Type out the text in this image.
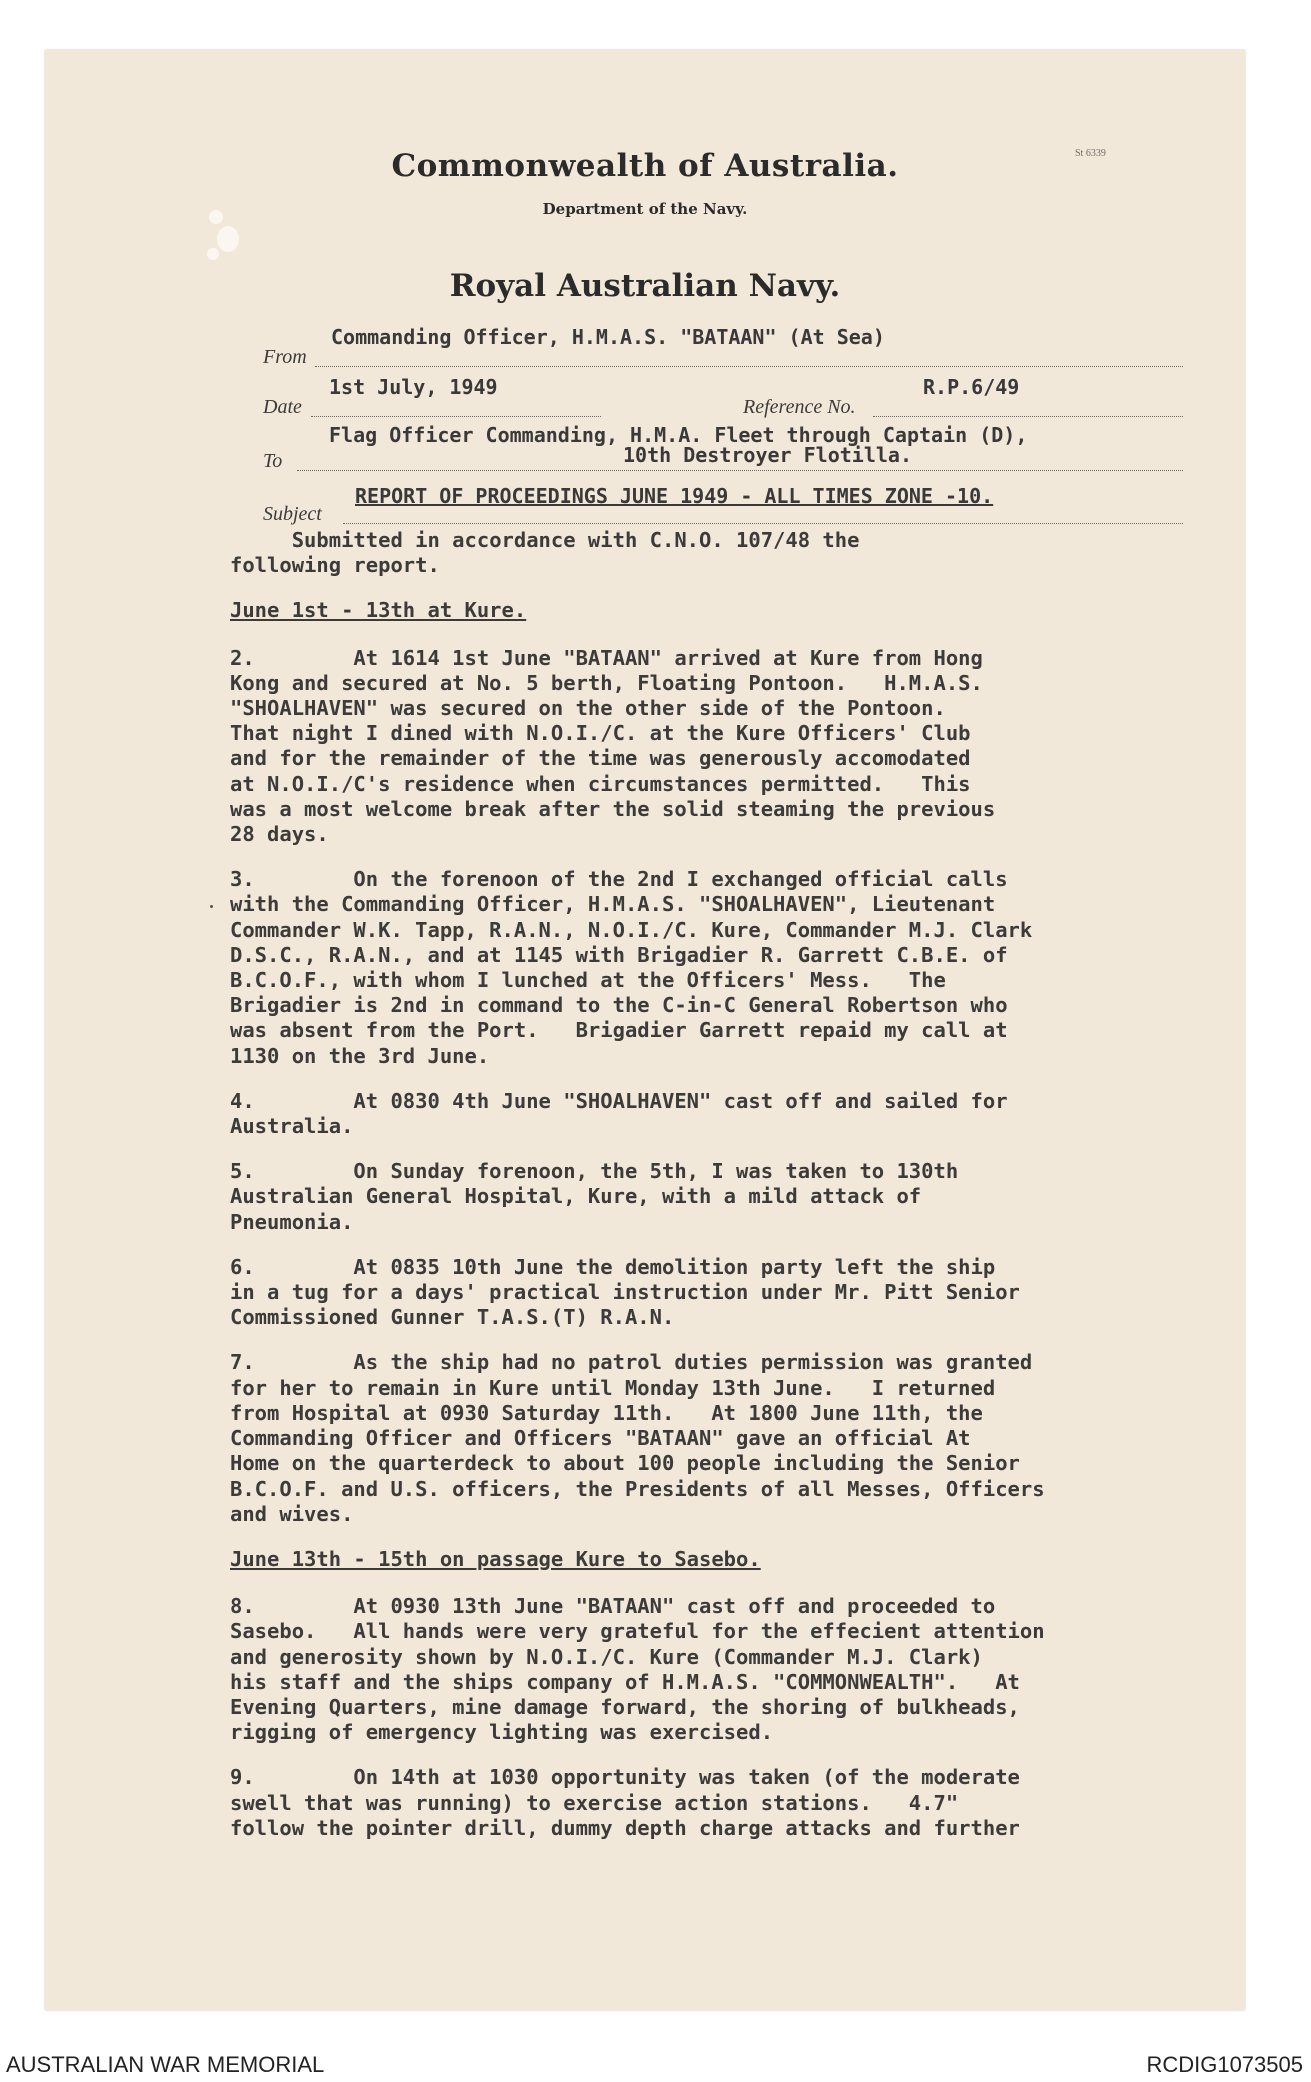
St 6339
Commonwealth of Australia.
Department of the Navy.
Royal Australian Navy.
From
Commanding Officer, H.M.A.S. "BATAAN" (At Sea)
Date
1st July, 1949
Reference No.
R.P.6/49
To
Flag Officer Commanding, H.M.A. Fleet through Captain (D),
10th Destroyer Flotilla.
Subject
REPORT OF PROCEEDINGS JUNE 1949 - ALL TIMES ZONE -10.

Submitted in accordance with C.N.O. 107/48 the
following report.

June 1st - 13th at Kure.

2.        At 1614 1st June "BATAAN" arrived at Kure from Hong
Kong and secured at No. 5 berth, Floating Pontoon.   H.M.A.S.
"SHOALHAVEN" was secured on the other side of the Pontoon.
That night I dined with N.O.I./C. at the Kure Officers' Club
and for the remainder of the time was generously accomodated
at N.O.I./C's residence when circumstances permitted.   This
was a most welcome break after the solid steaming the previous
28 days.

3.        On the forenoon of the 2nd I exchanged official calls
with the Commanding Officer, H.M.A.S. "SHOALHAVEN", Lieutenant
Commander W.K. Tapp, R.A.N., N.O.I./C. Kure, Commander M.J. Clark
D.S.C., R.A.N., and at 1145 with Brigadier R. Garrett C.B.E. of
B.C.O.F., with whom I lunched at the Officers' Mess.   The
Brigadier is 2nd in command to the C-in-C General Robertson who
was absent from the Port.   Brigadier Garrett repaid my call at
1130 on the 3rd June.

4.        At 0830 4th June "SHOALHAVEN" cast off and sailed for
Australia.

5.        On Sunday forenoon, the 5th, I was taken to 130th
Australian General Hospital, Kure, with a mild attack of
Pneumonia.

6.        At 0835 10th June the demolition party left the ship
in a tug for a days' practical instruction under Mr. Pitt Senior
Commissioned Gunner T.A.S.(T) R.A.N.

7.        As the ship had no patrol duties permission was granted
for her to remain in Kure until Monday 13th June.   I returned
from Hospital at 0930 Saturday 11th.   At 1800 June 11th, the
Commanding Officer and Officers "BATAAN" gave an official At
Home on the quarterdeck to about 100 people including the Senior
B.C.O.F. and U.S. officers, the Presidents of all Messes, Officers
and wives.

June 13th - 15th on passage Kure to Sasebo.

8.        At 0930 13th June "BATAAN" cast off and proceeded to
Sasebo.   All hands were very grateful for the effecient attention
and generosity shown by N.O.I./C. Kure (Commander M.J. Clark)
his staff and the ships company of H.M.A.S. "COMMONWEALTH".   At
Evening Quarters, mine damage forward, the shoring of bulkheads,
rigging of emergency lighting was exercised.

9.        On 14th at 1030 opportunity was taken (of the moderate
swell that was running) to exercise action stations.   4.7"
follow the pointer drill, dummy depth charge attacks and further

AUSTRALIAN WAR MEMORIAL	RCDIG1073505
